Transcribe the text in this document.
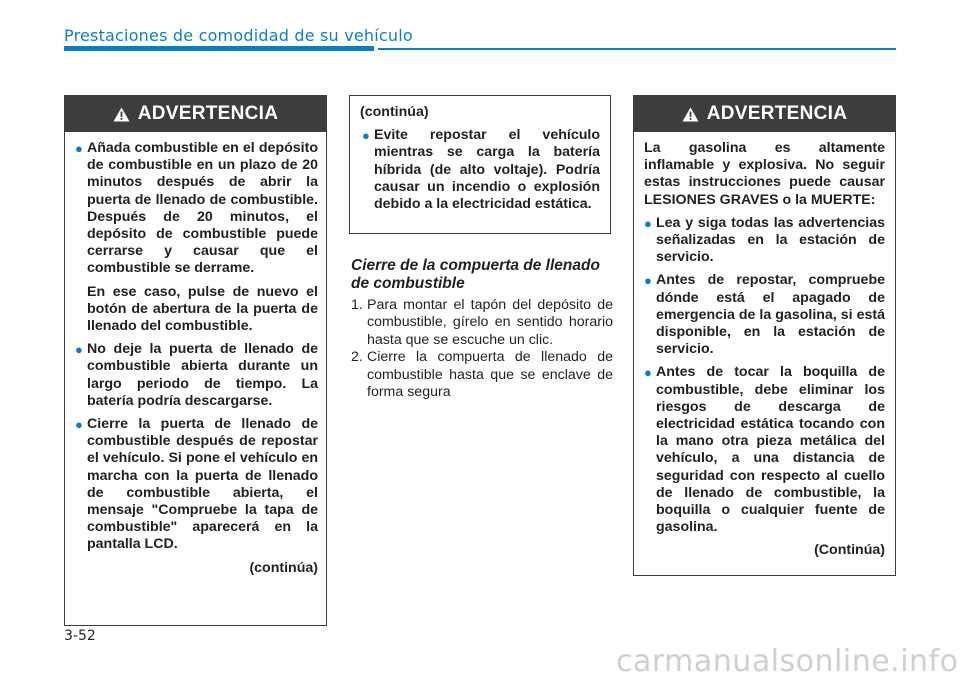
Prestaciones de comodidad de su vehículo
ADVERTENCIA
● Añada combustible en el depósito de combustible en un plazo de 20 minutos después de abrir la puerta de llenado de combustible. Después de 20 minutos, el depósito de combustible puede cerrarse y causar que el combustible se derrame.
En ese caso, pulse de nuevo el botón de abertura de la puerta de llenado del combustible.
● No deje la puerta de llenado de combustible abierta durante un largo periodo de tiempo. La batería podría descargarse.
● Cierre la puerta de llenado de combustible después de repostar el vehículo. Si pone el vehículo en marcha con la puerta de llenado de combustible abierta, el mensaje "Compruebe la tapa de combustible" aparecerá en la pantalla LCD.
(continúa)
(continúa)
● Evite repostar el vehículo mientras se carga la batería híbrida (de alto voltaje). Podría causar un incendio o explosión debido a la electricidad estática.
Cierre de la compuerta de llenado de combustible
1. Para montar el tapón del depósito de combustible, gírelo en sentido horario hasta que se escuche un clic.
2. Cierre la compuerta de llenado de combustible hasta que se enclave de forma segura
ADVERTENCIA
La gasolina es altamente inflamable y explosiva. No seguir estas instrucciones puede causar LESIONES GRAVES o la MUERTE:
● Lea y siga todas las advertencias señalizadas en la estación de servicio.
● Antes de repostar, compruebe dónde está el apagado de emergencia de la gasolina, si está disponible, en la estación de servicio.
● Antes de tocar la boquilla de combustible, debe eliminar los riesgos de descarga de electricidad estática tocando con la mano otra pieza metálica del vehículo, a una distancia de seguridad con respecto al cuello de llenado de combustible, la boquilla o cualquier fuente de gasolina.
(Continúa)
3-52
carmanualsonline.info
